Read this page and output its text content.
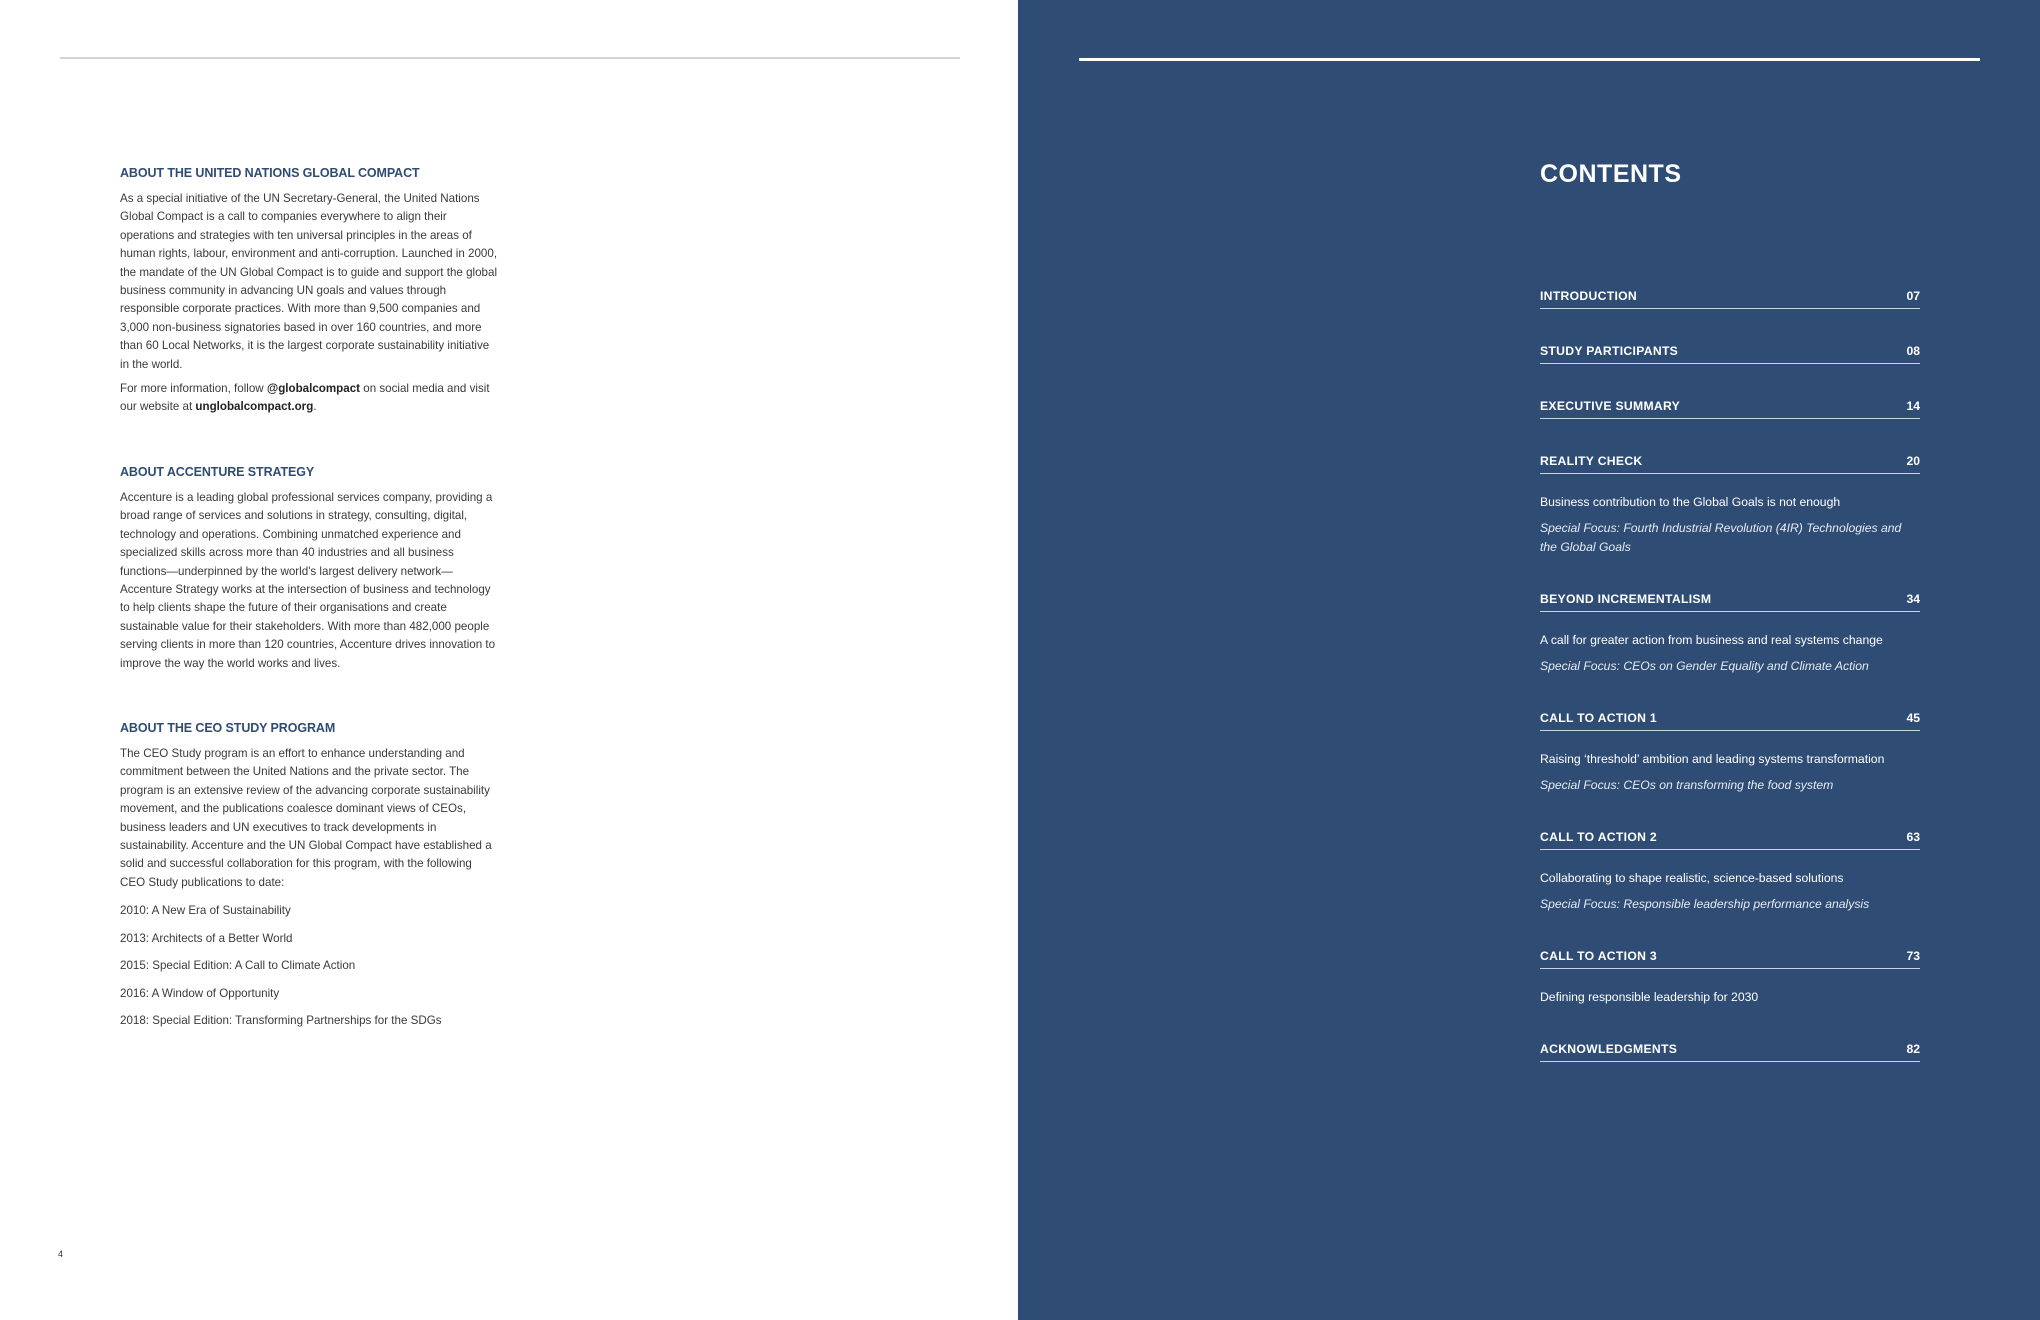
ABOUT THE UNITED NATIONS GLOBAL COMPACT

As a special initiative of the UN Secretary-General, the United Nations Global Compact is a call to companies everywhere to align their operations and strategies with ten universal principles in the areas of human rights, labour, environment and anti-corruption. Launched in 2000, the mandate of the UN Global Compact is to guide and support the global business community in advancing UN goals and values through responsible corporate practices. With more than 9,500 companies and 3,000 non-business signatories based in over 160 countries, and more than 60 Local Networks, it is the largest corporate sustainability initiative in the world.

For more information, follow @globalcompact on social media and visit our website at unglobalcompact.org.

ABOUT ACCENTURE STRATEGY

Accenture is a leading global professional services company, providing a broad range of services and solutions in strategy, consulting, digital, technology and operations. Combining unmatched experience and specialized skills across more than 40 industries and all business functions—underpinned by the world's largest delivery network—Accenture Strategy works at the intersection of business and technology to help clients shape the future of their organisations and create sustainable value for their stakeholders. With more than 482,000 people serving clients in more than 120 countries, Accenture drives innovation to improve the way the world works and lives.

ABOUT THE CEO STUDY PROGRAM

The CEO Study program is an effort to enhance understanding and commitment between the United Nations and the private sector. The program is an extensive review of the advancing corporate sustainability movement, and the publications coalesce dominant views of CEOs, business leaders and UN executives to track developments in sustainability. Accenture and the UN Global Compact have established a solid and successful collaboration for this program, with the following CEO Study publications to date:

2010: A New Era of Sustainability
2013: Architects of a Better World
2015: Special Edition: A Call to Climate Action
2016: A Window of Opportunity
2018: Special Edition: Transforming Partnerships for the SDGs
4
CONTENTS
INTRODUCTION	07
STUDY PARTICIPANTS	08
EXECUTIVE SUMMARY	14
REALITY CHECK	20
Business contribution to the Global Goals is not enough
Special Focus: Fourth Industrial Revolution (4IR) Technologies and the Global Goals
BEYOND INCREMENTALISM	34
A call for greater action from business and real systems change
Special Focus: CEOs on Gender Equality and Climate Action
CALL TO ACTION 1	45
Raising ‘threshold’ ambition and leading systems transformation
Special Focus: CEOs on transforming the food system
CALL TO ACTION 2	63
Collaborating to shape realistic, science-based solutions
Special Focus: Responsible leadership performance analysis
CALL TO ACTION 3	73
Defining responsible leadership for 2030
ACKNOWLEDGMENTS	82
